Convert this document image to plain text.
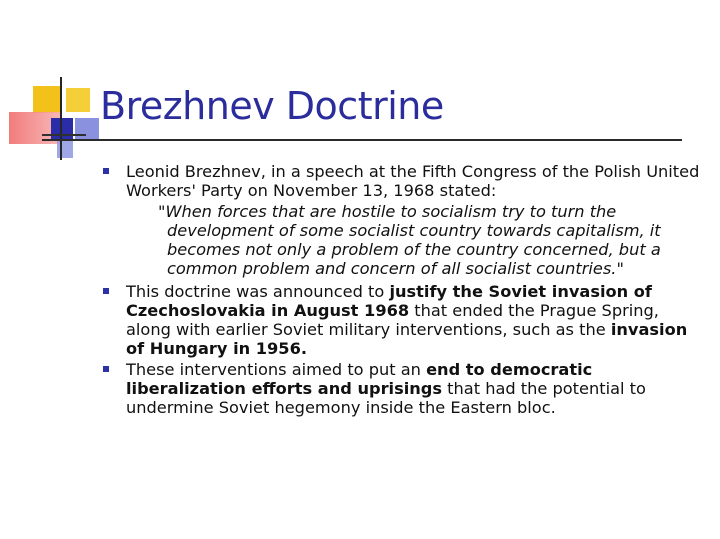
Brezhnev Doctrine
Leonid Brezhnev, in a speech at the Fifth Congress of the Polish United Workers' Party on November 13, 1968 stated:
"When forces that are hostile to socialism try to turn the development of some socialist country towards capitalism, it becomes not only a problem of the country concerned, but a common problem and concern of all socialist countries."
This doctrine was announced to justify the Soviet invasion of Czechoslovakia in August 1968 that ended the Prague Spring, along with earlier Soviet military interventions, such as the invasion of Hungary in 1956.
These interventions aimed to put an end to democratic liberalization efforts and uprisings that had the potential to undermine Soviet hegemony inside the Eastern bloc.
